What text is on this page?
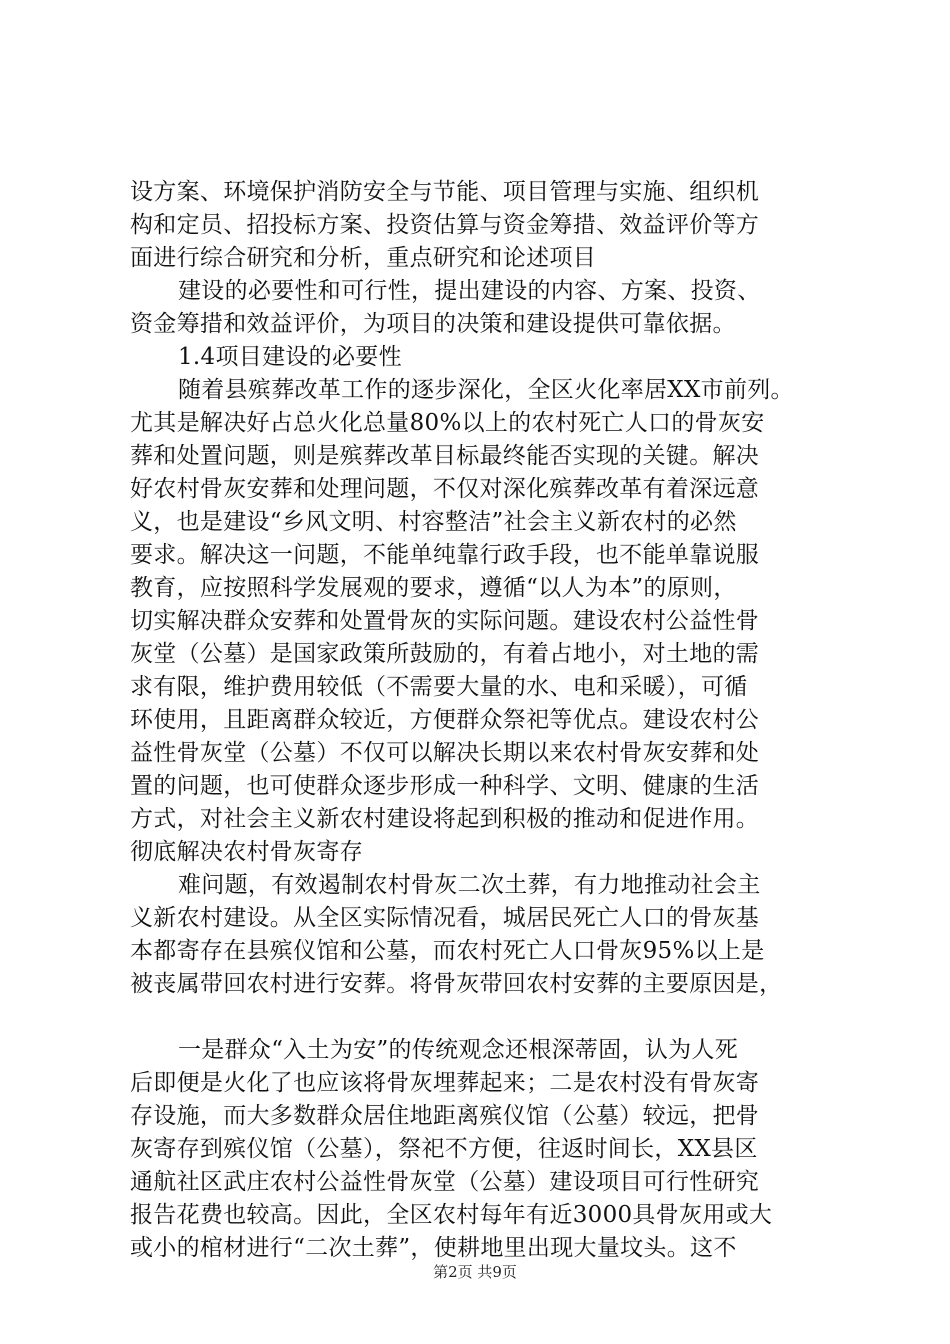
设方案、环境保护消防安全与节能、项目管理与实施、组织机
构和定员、招投标方案、投资估算与资金筹措、效益评价等方
面进行综合研究和分析，重点研究和论述项目
建设的必要性和可行性，提出建设的内容、方案、投资、
资金筹措和效益评价，为项目的决策和建设提供可靠依据。
1.4项目建设的必要性
随着县殡葬改革工作的逐步深化，全区火化率居XX市前列。
尤其是解决好占总火化总量80%以上的农村死亡人口的骨灰安
葬和处置问题，则是殡葬改革目标最终能否实现的关键。解决
好农村骨灰安葬和处理问题，不仅对深化殡葬改革有着深远意
义，也是建设“乡风文明、村容整洁”社会主义新农村的必然
要求。解决这一问题，不能单纯靠行政手段，也不能单靠说服
教育，应按照科学发展观的要求，遵循“以人为本”的原则，
切实解决群众安葬和处置骨灰的实际问题。建设农村公益性骨
灰堂（公墓）是国家政策所鼓励的，有着占地小，对土地的需
求有限，维护费用较低（不需要大量的水、电和采暖），可循
环使用，且距离群众较近，方便群众祭祀等优点。建设农村公
益性骨灰堂（公墓）不仅可以解决长期以来农村骨灰安葬和处
置的问题，也可使群众逐步形成一种科学、文明、健康的生活
方式，对社会主义新农村建设将起到积极的推动和促进作用。
彻底解决农村骨灰寄存
难问题，有效遏制农村骨灰二次土葬，有力地推动社会主
义新农村建设。从全区实际情况看，城居民死亡人口的骨灰基
本都寄存在县殡仪馆和公墓，而农村死亡人口骨灰95%以上是
被丧属带回农村进行安葬。将骨灰带回农村安葬的主要原因是，
一是群众“入土为安”的传统观念还根深蒂固，认为人死
后即便是火化了也应该将骨灰埋葬起来；二是农村没有骨灰寄
存设施，而大多数群众居住地距离殡仪馆（公墓）较远，把骨
灰寄存到殡仪馆（公墓），祭祀不方便，往返时间长，XX县区
通航社区武庄农村公益性骨灰堂（公墓）建设项目可行性研究
报告花费也较高。因此，全区农村每年有近3000具骨灰用或大
或小的棺材进行“二次土葬”，使耕地里出现大量坟头。这不
第2页 共9页
